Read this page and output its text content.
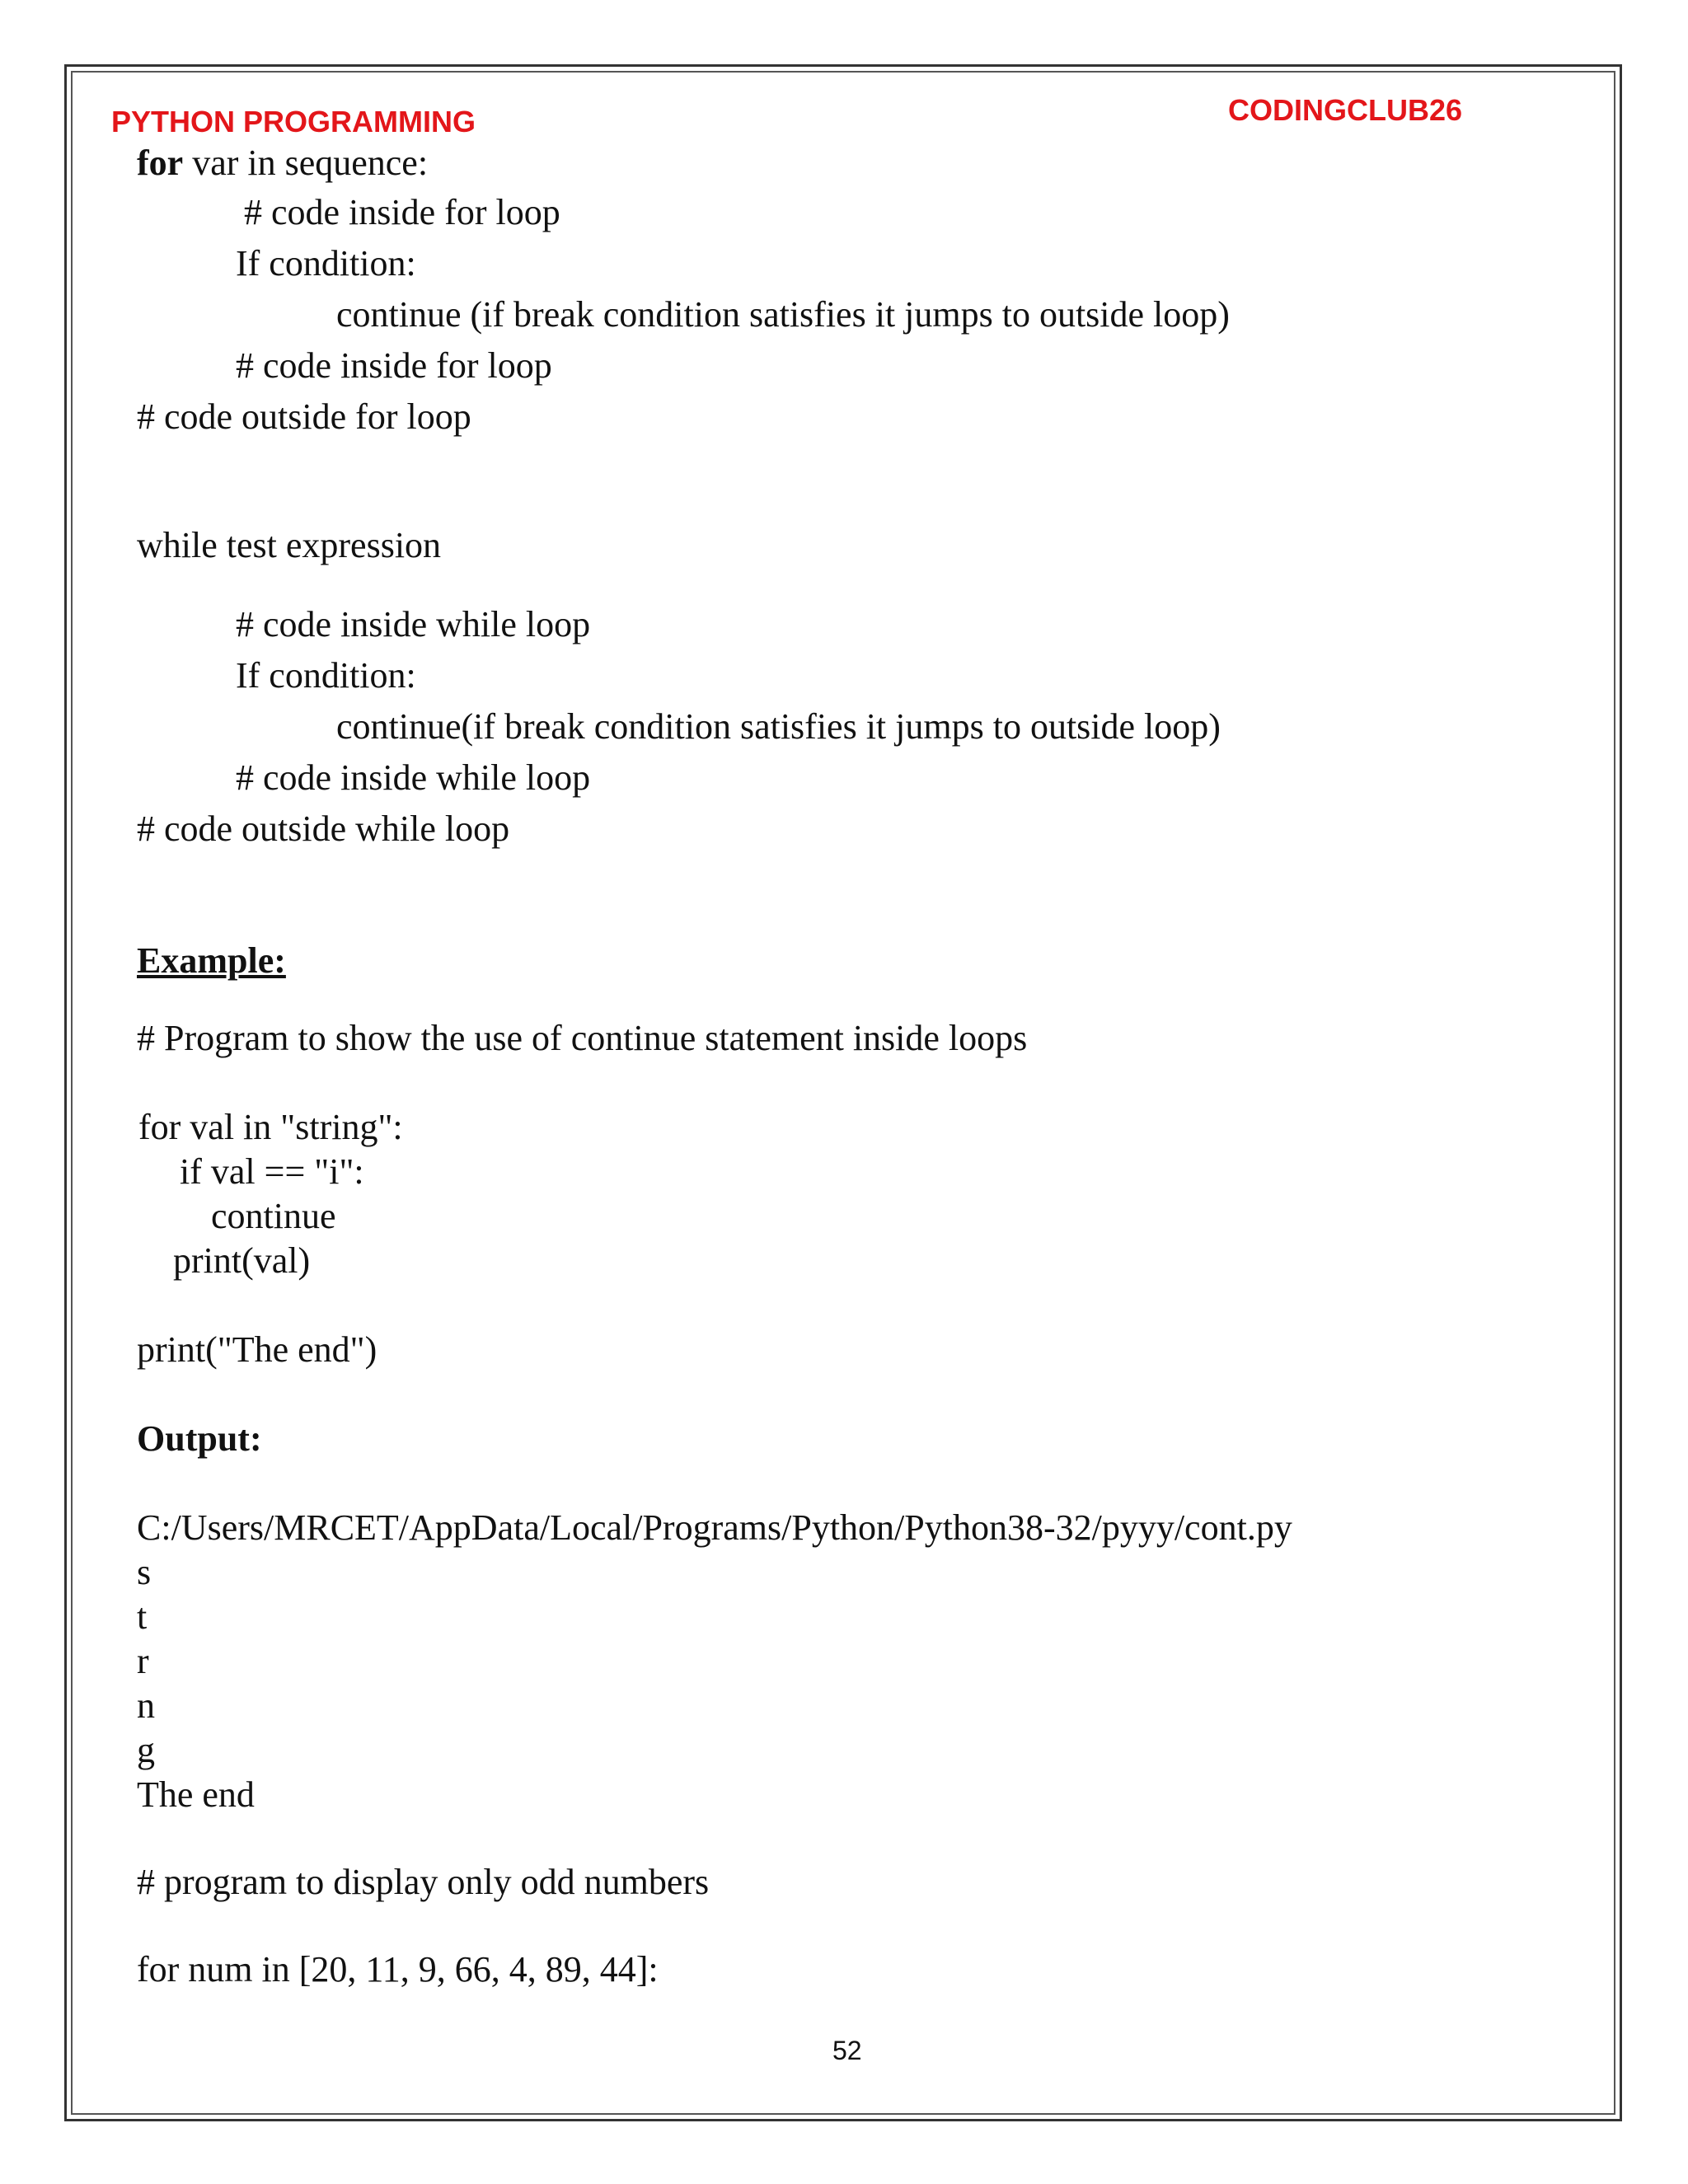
PYTHON PROGRAMMING	CODINGCLUB26
for var in sequence:
# code inside for loop
If condition:
continue (if break condition satisfies it jumps to outside loop)
# code inside for loop
# code outside for loop
while test expression
# code inside while loop
If condition:
continue(if break condition satisfies it jumps to outside loop)
# code inside while loop
# code outside while loop
Example:
# Program to show the use of continue statement inside loops
for val in "string":
if val == "i":
continue
print(val)
print("The end")
Output:
C:/Users/MRCET/AppData/Local/Programs/Python/Python38-32/pyyy/cont.py
s
t
r
n
g
The end
# program to display only odd numbers
for num in [20, 11, 9, 66, 4, 89, 44]:
52
